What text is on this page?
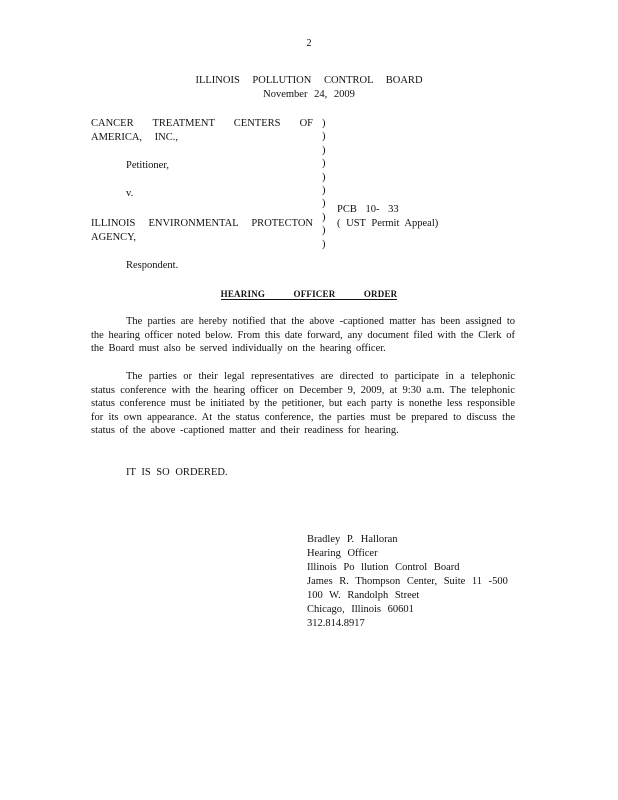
2
ILLINOIS POLLUTION CONTROL BOARD
November 24, 2009
CANCER TREATMENT CENTERS OF
AMERICA, INC.,
Petitioner,
v.
ILLINOIS ENVIRONMENTAL PROTECTON
AGENCY,
Respondent.
)
)
)
)
)
)
)
)
)
)
PCB 10- 33
( UST Permit Appeal)
HEARING OFFICER ORDER
The parties are hereby notified that the above -captioned matter has been assigned to the hearing officer noted below. From this date forward, any document filed with the Clerk of the Board must also be served individually on the hearing officer.
The parties or their legal representatives are directed to participate in a telephonic status conference with the hearing officer on December 9, 2009, at 9:30 a.m. The telephonic status conference must be initiated by the petitioner, but each party is nonethe less responsible for its own appearance. At the status conference, the parties must be prepared to discuss the status of the above -captioned matter and their readiness for hearing.
IT IS SO ORDERED.
Bradley P. Halloran
Hearing Officer
Illinois Po llution Control Board
James R. Thompson Center, Suite 11 -500
100 W. Randolph Street
Chicago, Illinois 60601
312.814.8917
